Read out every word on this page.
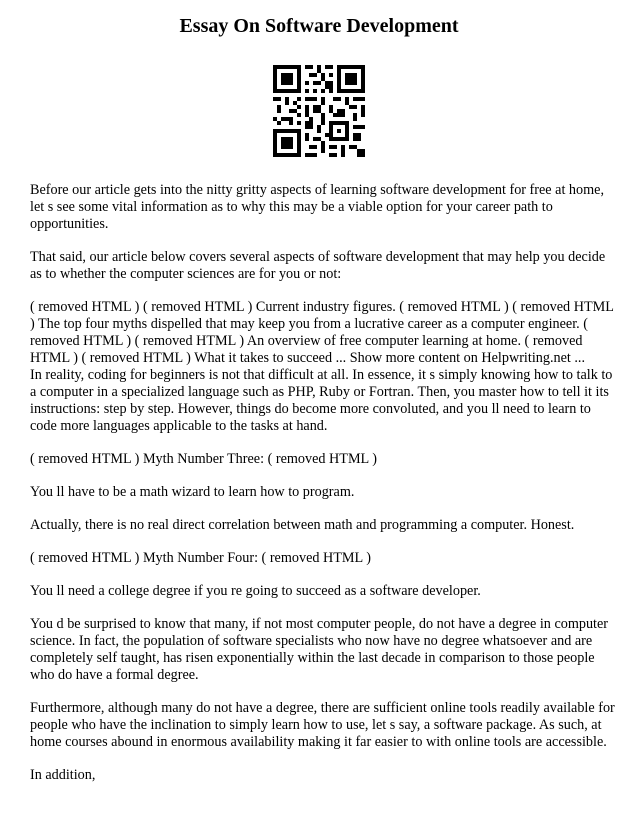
Essay On Software Development

Before our article gets into the nitty gritty aspects of learning software development for free at home, let s see some vital information as to why this may be a viable option for your career path to opportunities.

That said, our article below covers several aspects of software development that may help you decide as to whether the computer sciences are for you or not:

( removed HTML ) ( removed HTML ) Current industry figures. ( removed HTML ) ( removed HTML ) The top four myths dispelled that may keep you from a lucrative career as a computer engineer. ( removed HTML ) ( removed HTML ) An overview of free computer learning at home. ( removed HTML ) ( removed HTML ) What it takes to succeed ... Show more content on Helpwriting.net ...

In reality, coding for beginners is not that difficult at all. In essence, it s simply knowing how to talk to a computer in a specialized language such as PHP, Ruby or Fortran. Then, you master how to tell it its instructions: step by step. However, things do become more convoluted, and you ll need to learn to code more languages applicable to the tasks at hand.

( removed HTML ) Myth Number Three: ( removed HTML )

You ll have to be a math wizard to learn how to program.

Actually, there is no real direct correlation between math and programming a computer. Honest.

( removed HTML ) Myth Number Four: ( removed HTML )

You ll need a college degree if you re going to succeed as a software developer.

You d be surprised to know that many, if not most computer people, do not have a degree in computer science. In fact, the population of software specialists who now have no degree whatsoever and are completely self taught, has risen exponentially within the last decade in comparison to those people who do have a formal degree.

Furthermore, although many do not have a degree, there are sufficient online tools readily available for people who have the inclination to simply learn how to use, let s say, a software package. As such, at home courses abound in enormous availability making it far easier to with online tools are accessible.

In addition,
